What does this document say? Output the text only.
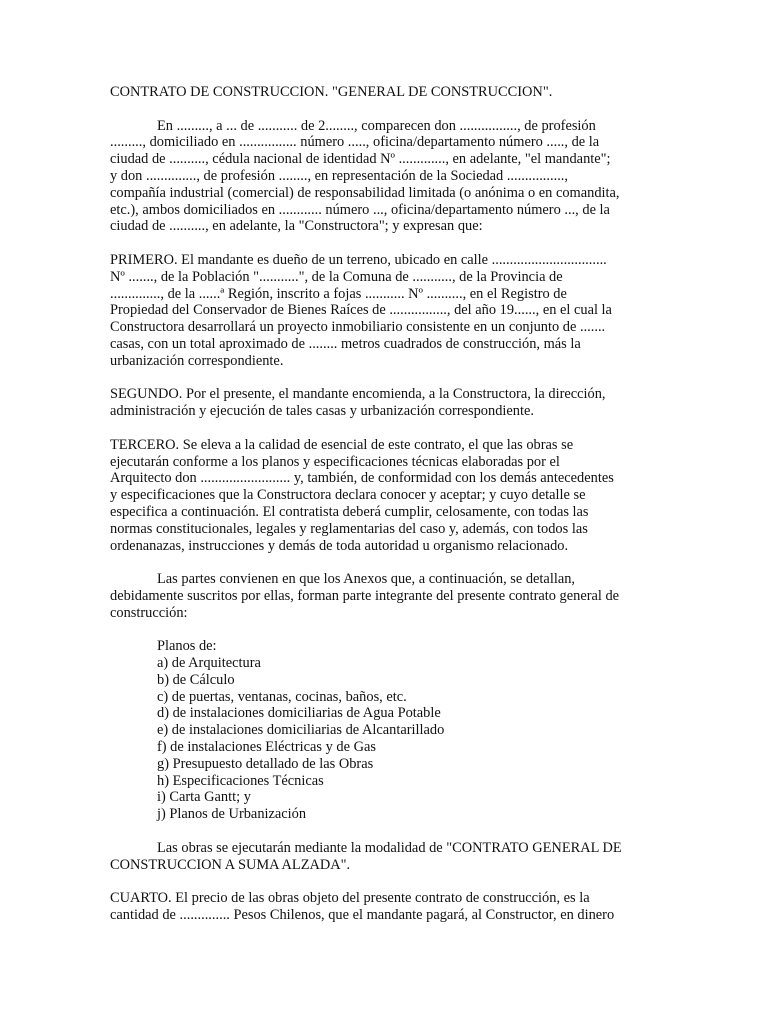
CONTRATO DE CONSTRUCCION. "GENERAL DE CONSTRUCCION".

En ........., a ... de ........... de 2........, comparecen don ................, de profesión
........., domiciliado en ................ número ....., oficina/departamento número ....., de la
ciudad de .........., cédula nacional de identidad Nº ............., en adelante, "el mandante";
y don .............., de profesión ........, en representación de la Sociedad ................,
compañía industrial (comercial) de responsabilidad limitada (o anónima o en comandita,
etc.), ambos domiciliados en ............ número ..., oficina/departamento número ..., de la
ciudad de .........., en adelante, la "Constructora"; y expresan que:

PRIMERO. El mandante es dueño de un terreno, ubicado en calle ................................
Nº ......., de la Población "...........", de la Comuna de ..........., de la Provincia de
.............., de la ......ª Región, inscrito a fojas ........... Nº .........., en el Registro de
Propiedad del Conservador de Bienes Raíces de ................, del año 19......, en el cual la
Constructora desarrollará un proyecto inmobiliario consistente en un conjunto de .......
casas, con un total aproximado de ........ metros cuadrados de construcción, más la
urbanización correspondiente.

SEGUNDO. Por el presente, el mandante encomienda, a la Constructora, la dirección,
administración y ejecución de tales casas y urbanización correspondiente.

TERCERO. Se eleva a la calidad de esencial de este contrato, el que las obras se
ejecutarán conforme a los planos y especificaciones técnicas elaboradas por el
Arquitecto don ......................... y, también, de conformidad con los demás antecedentes
y especificaciones que la Constructora declara conocer y aceptar; y cuyo detalle se
especifica a continuación. El contratista deberá cumplir, celosamente, con todas las
normas constitucionales, legales y reglamentarias del caso y, además, con todos las
ordenanazas, instrucciones y demás de toda autoridad u organismo relacionado.

Las partes convienen en que los Anexos que, a continuación, se detallan,
debidamente suscritos por ellas, forman parte integrante del presente contrato general de
construcción:

Planos de:
a) de Arquitectura
b) de Cálculo
c) de puertas, ventanas, cocinas, baños, etc.
d) de instalaciones domiciliarias de Agua Potable
e) de instalaciones domiciliarias de Alcantarillado
f) de instalaciones Eléctricas y de Gas
g) Presupuesto detallado de las Obras
h) Especificaciones Técnicas
i) Carta Gantt; y
j) Planos de Urbanización

Las obras se ejecutarán mediante la modalidad de "CONTRATO GENERAL DE
CONSTRUCCION A SUMA ALZADA".

CUARTO. El precio de las obras objeto del presente contrato de construcción, es la
cantidad de .............. Pesos Chilenos, que el mandante pagará, al Constructor, en dinero
